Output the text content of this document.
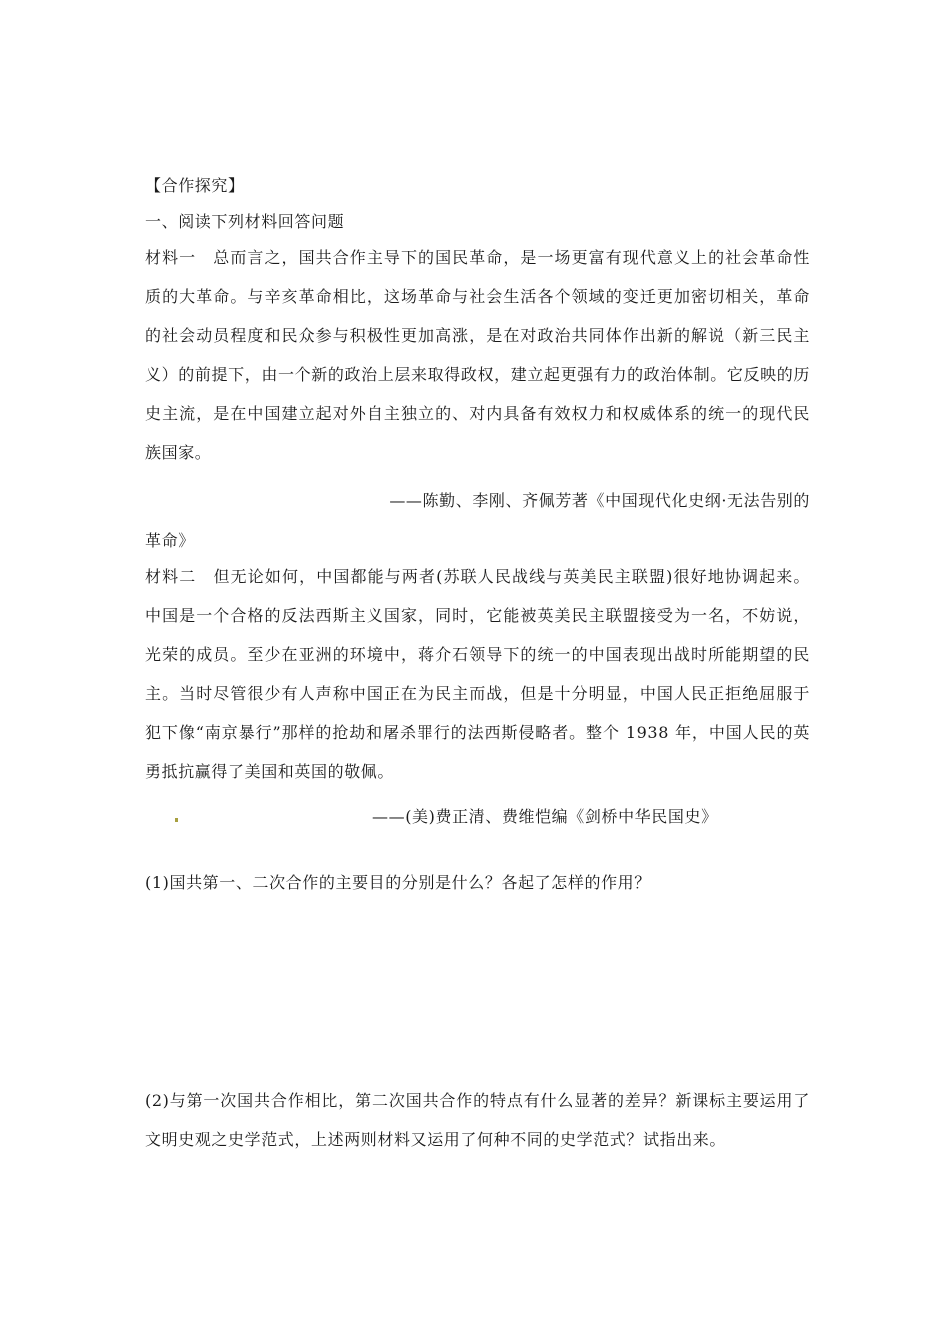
【合作探究】
一、阅读下列材料回答问题
材料一　总而言之，国共合作主导下的国民革命，是一场更富有现代意义上的社会革命性
质的大革命。与辛亥革命相比，这场革命与社会生活各个领域的变迁更加密切相关，革命
的社会动员程度和民众参与积极性更加高涨，是在对政治共同体作出新的解说（新三民主
义）的前提下，由一个新的政治上层来取得政权，建立起更强有力的政治体制。它反映的历
史主流，是在中国建立起对外自主独立的、对内具备有效权力和权威体系的统一的现代民
族国家。
——陈勤、李刚、齐佩芳著《中国现代化史纲·无法告别的
革命》
材料二　但无论如何，中国都能与两者(苏联人民战线与英美民主联盟)很好地协调起来。
中国是一个合格的反法西斯主义国家，同时，它能被英美民主联盟接受为一名，不妨说，
光荣的成员。至少在亚洲的环境中，蒋介石领导下的统一的中国表现出战时所能期望的民
主。当时尽管很少有人声称中国正在为民主而战，但是十分明显，中国人民正拒绝屈服于
犯下像“南京暴行”那样的抢劫和屠杀罪行的法西斯侵略者。整个 1938 年，中国人民的英
勇抵抗赢得了美国和英国的敬佩。
——(美)费正清、费维恺编《剑桥中华民国史》
(1)国共第一、二次合作的主要目的分别是什么？各起了怎样的作用？
(2)与第一次国共合作相比，第二次国共合作的特点有什么显著的差异？新课标主要运用了
文明史观之史学范式，上述两则材料又运用了何种不同的史学范式？试指出来。
